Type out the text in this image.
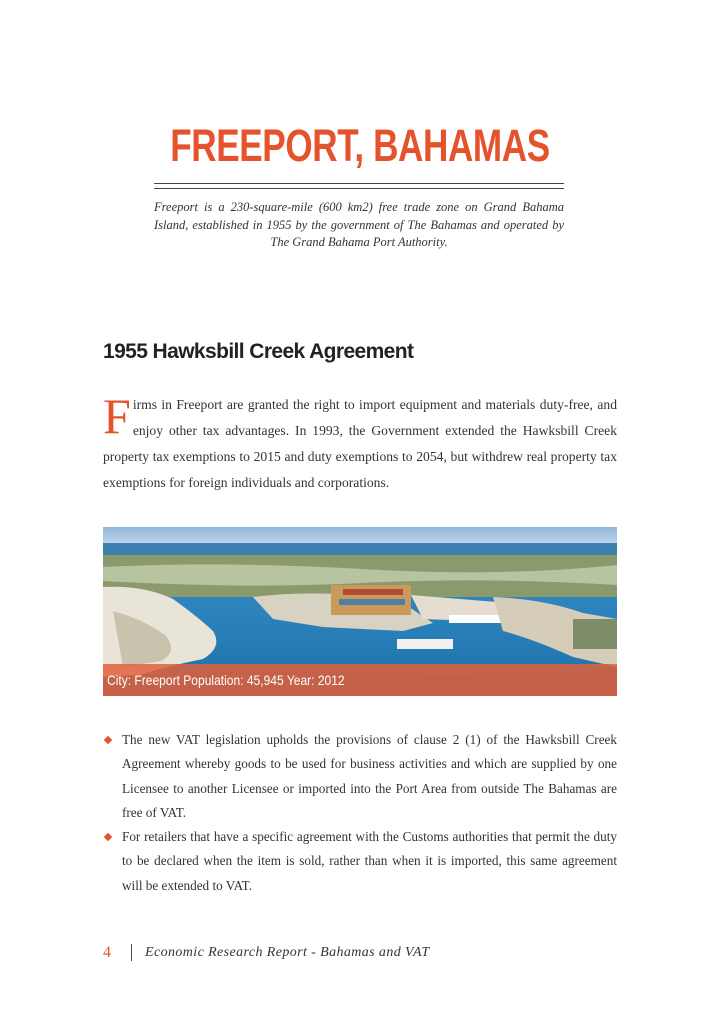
FREEPORT, BAHAMAS

Freeport is a 230-square-mile (600 km2) free trade zone on Grand Bahama Island, established in 1955 by the government of The Bahamas and operated by The Grand Bahama Port Authority.

1955 Hawksbill Creek Agreement

Firms in Freeport are granted the right to import equipment and materials duty-free, and enjoy other tax advantages. In 1993, the Government extended the Hawksbill Creek property tax exemptions to 2015 and duty exemptions to 2054, but withdrew real property tax exemptions for foreign individuals and corporations.

City: Freeport Population: 45,945 Year: 2012
The new VAT legislation upholds the provisions of clause 2 (1) of the Hawksbill Creek Agreement whereby goods to be used for business activities and which are supplied by one Licensee to another Licensee or imported into the Port Area from outside The Bahamas are free of VAT.
For retailers that have a specific agreement with the Customs authorities that permit the duty to be declared when the item is sold, rather than when it is imported, this same agreement will be extended to VAT.
4 Economic Research Report - Bahamas and VAT
